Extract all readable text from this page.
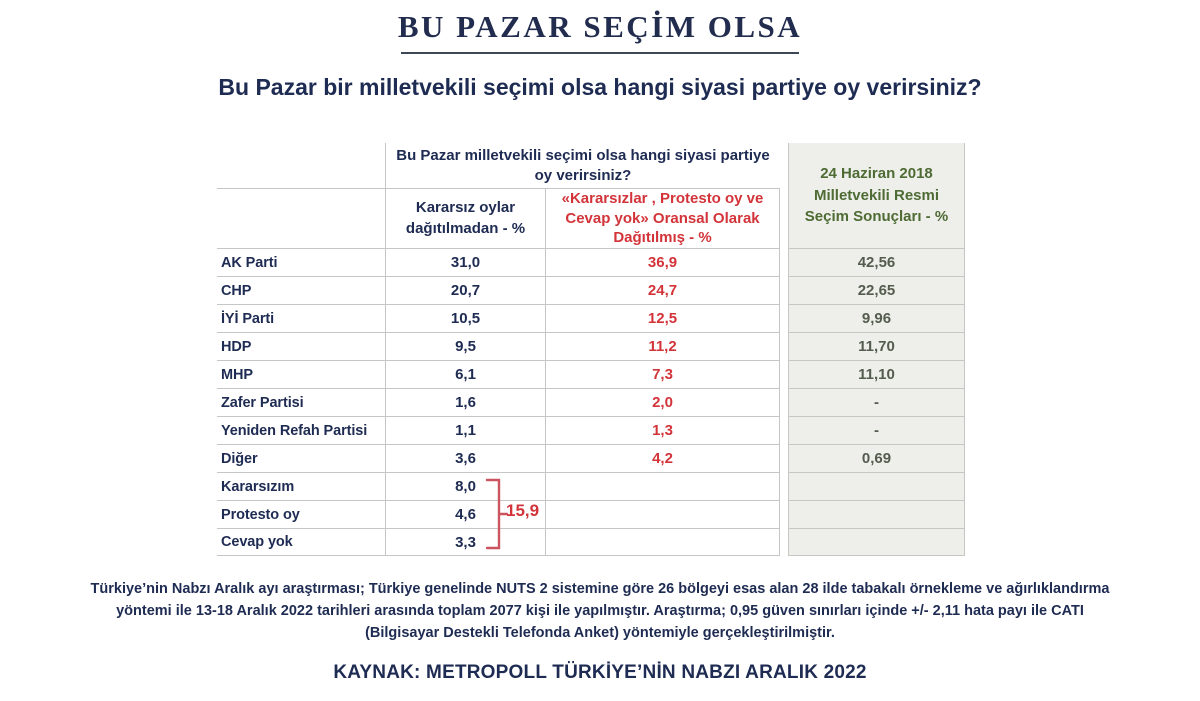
BU PAZAR SEÇİM OLSA
Bu Pazar bir milletvekili seçimi olsa hangi siyasi partiye oy verirsiniz?
Bu Pazar milletvekili seçimi olsa hangi siyasi partiye oy verirsiniz?
Kararsız oylar dağıtılmadan - %
«Kararsızlar , Protesto oy ve Cevap yok» Oransal Olarak Dağıtılmış - %
24 Haziran 2018 Milletvekili Resmi Seçim Sonuçları - %
15,9
AK Parti	31,0	36,9	42,56
CHP	20,7	24,7	22,65
İYİ Parti	10,5	12,5	9,96
HDP	9,5	11,2	11,70
MHP	6,1	7,3	11,10
Zafer Partisi	1,6	2,0	-
Yeniden Refah Partisi	1,1	1,3	-
Diğer	3,6	4,2	0,69
Kararsızım	8,0
Protesto oy	4,6
Cevap yok	3,3
Türkiye’nin Nabzı Aralık ayı araştırması; Türkiye genelinde NUTS 2 sistemine göre 26 bölgeyi esas alan 28 ilde tabakalı örnekleme ve ağırlıklandırma
yöntemi ile 13-18 Aralık 2022 tarihleri arasında toplam 2077 kişi ile yapılmıştır. Araştırma; 0,95 güven sınırları içinde +/- 2,11 hata payı ile CATI
(Bilgisayar Destekli Telefonda Anket) yöntemiyle gerçekleştirilmiştir.
KAYNAK: METROPOLL TÜRKİYE’NİN NABZI ARALIK 2022
